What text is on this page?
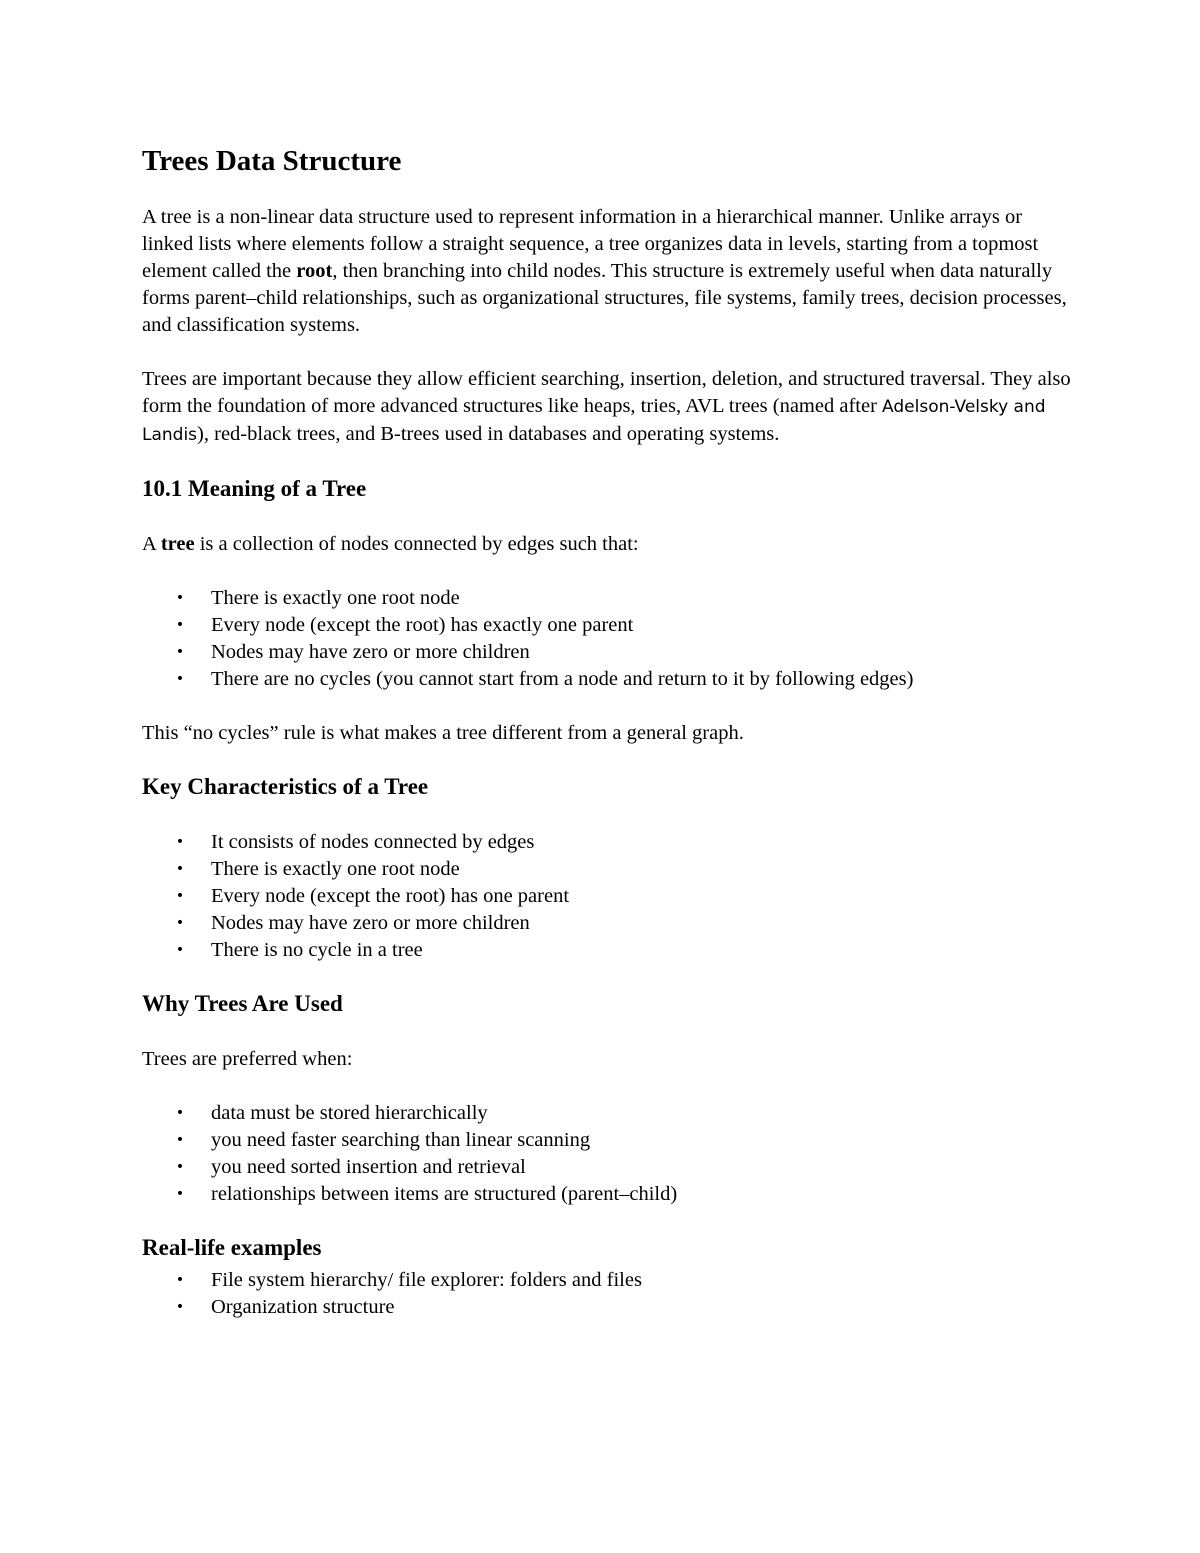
Trees Data Structure

A tree is a non-linear data structure used to represent information in a hierarchical manner. Unlike arrays or linked lists where elements follow a straight sequence, a tree organizes data in levels, starting from a topmost element called the root, then branching into child nodes. This structure is extremely useful when data naturally forms parent–child relationships, such as organizational structures, file systems, family trees, decision processes, and classification systems.

Trees are important because they allow efficient searching, insertion, deletion, and structured traversal. They also form the foundation of more advanced structures like heaps, tries, AVL trees (named after Adelson-Velsky and Landis), red-black trees, and B-trees used in databases and operating systems.

10.1 Meaning of a Tree

A tree is a collection of nodes connected by edges such that:

• There is exactly one root node
• Every node (except the root) has exactly one parent
• Nodes may have zero or more children
• There are no cycles (you cannot start from a node and return to it by following edges)

This “no cycles” rule is what makes a tree different from a general graph.

Key Characteristics of a Tree
• It consists of nodes connected by edges
• There is exactly one root node
• Every node (except the root) has one parent
• Nodes may have zero or more children
• There is no cycle in a tree
Why Trees Are Used

Trees are preferred when:

• data must be stored hierarchically
• you need faster searching than linear scanning
• you need sorted insertion and retrieval
• relationships between items are structured (parent–child)
Real-life examples
• File system hierarchy/ file explorer: folders and files
• Organization structure
